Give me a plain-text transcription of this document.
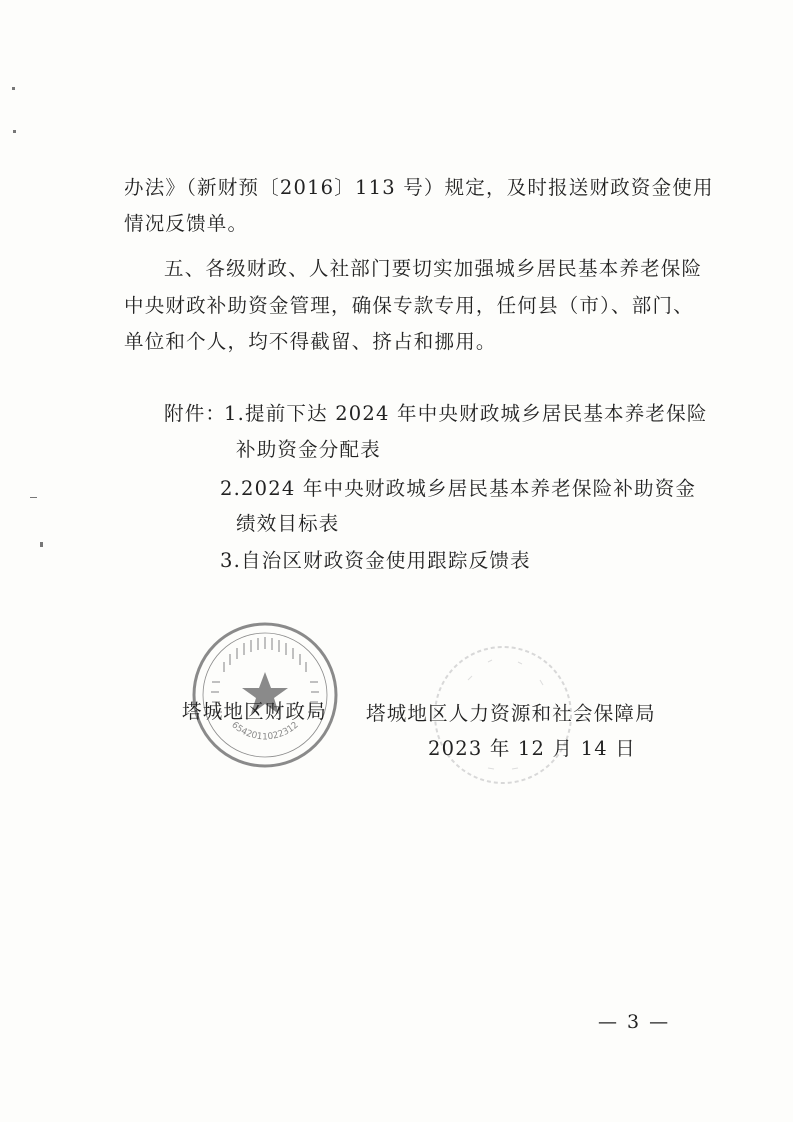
办法》（新财预〔2016〕113 号）规定，及时报送财政资金使用
情况反馈单。
五、各级财政、人社部门要切实加强城乡居民基本养老保险
中央财政补助资金管理，确保专款专用，任何县（市）、部门、
单位和个人，均不得截留、挤占和挪用。
附件：
1.提前下达 2024 年中央财政城乡居民基本养老保险
补助资金分配表
2.2024 年中央财政城乡居民基本养老保险补助资金
绩效目标表
3.自治区财政资金使用跟踪反馈表
6542011022312
塔城地区财政局 塔城地区人力资源和社会保障局
2023 年 12 月 14 日
— 3 —
